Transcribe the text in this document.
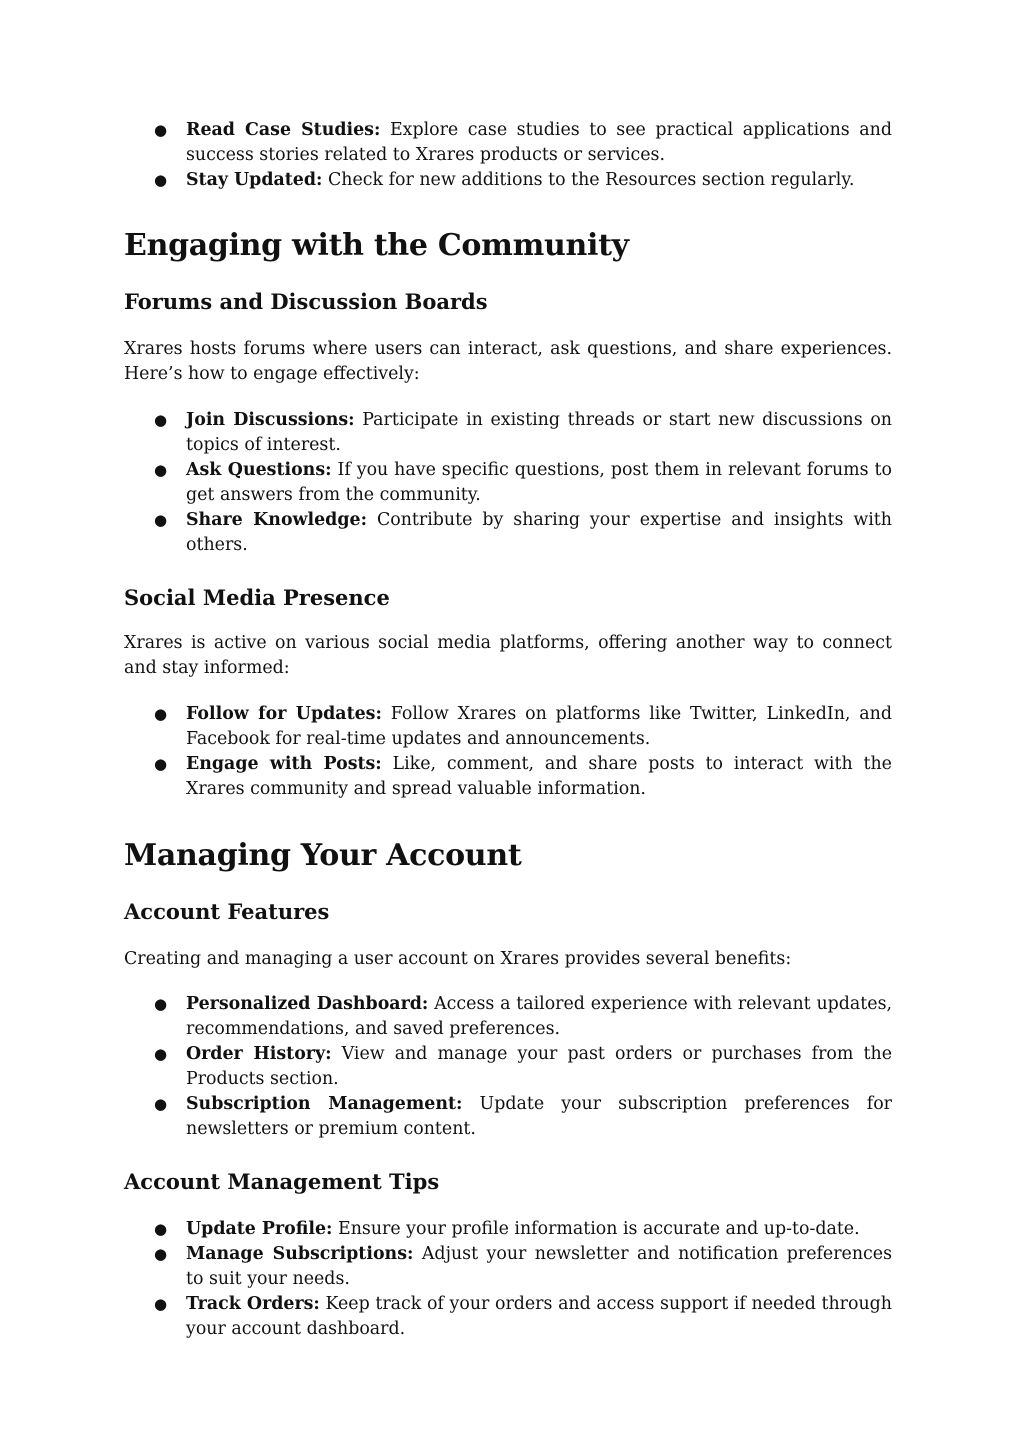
● Read Case Studies: Explore case studies to see practical applications and success stories related to Xrares products or services.
● Stay Updated: Check for new additions to the Resources section regularly.
Engaging with the Community
Forums and Discussion Boards

Xrares hosts forums where users can interact, ask questions, and share experiences. Here’s how to engage effectively:

● Join Discussions: Participate in existing threads or start new discussions on topics of interest.
● Ask Questions: If you have specific questions, post them in relevant forums to get answers from the community.
● Share Knowledge: Contribute by sharing your expertise and insights with others.
Social Media Presence

Xrares is active on various social media platforms, offering another way to connect and stay informed:

● Follow for Updates: Follow Xrares on platforms like Twitter, LinkedIn, and Facebook for real-time updates and announcements.
● Engage with Posts: Like, comment, and share posts to interact with the Xrares community and spread valuable information.
Managing Your Account
Account Features

Creating and managing a user account on Xrares provides several benefits:

● Personalized Dashboard: Access a tailored experience with relevant updates, recommendations, and saved preferences.
● Order History: View and manage your past orders or purchases from the Products section.
● Subscription Management: Update your subscription preferences for newsletters or premium content.
Account Management Tips
● Update Profile: Ensure your profile information is accurate and up-to-date.
● Manage Subscriptions: Adjust your newsletter and notification preferences to suit your needs.
● Track Orders: Keep track of your orders and access support if needed through your account dashboard.
